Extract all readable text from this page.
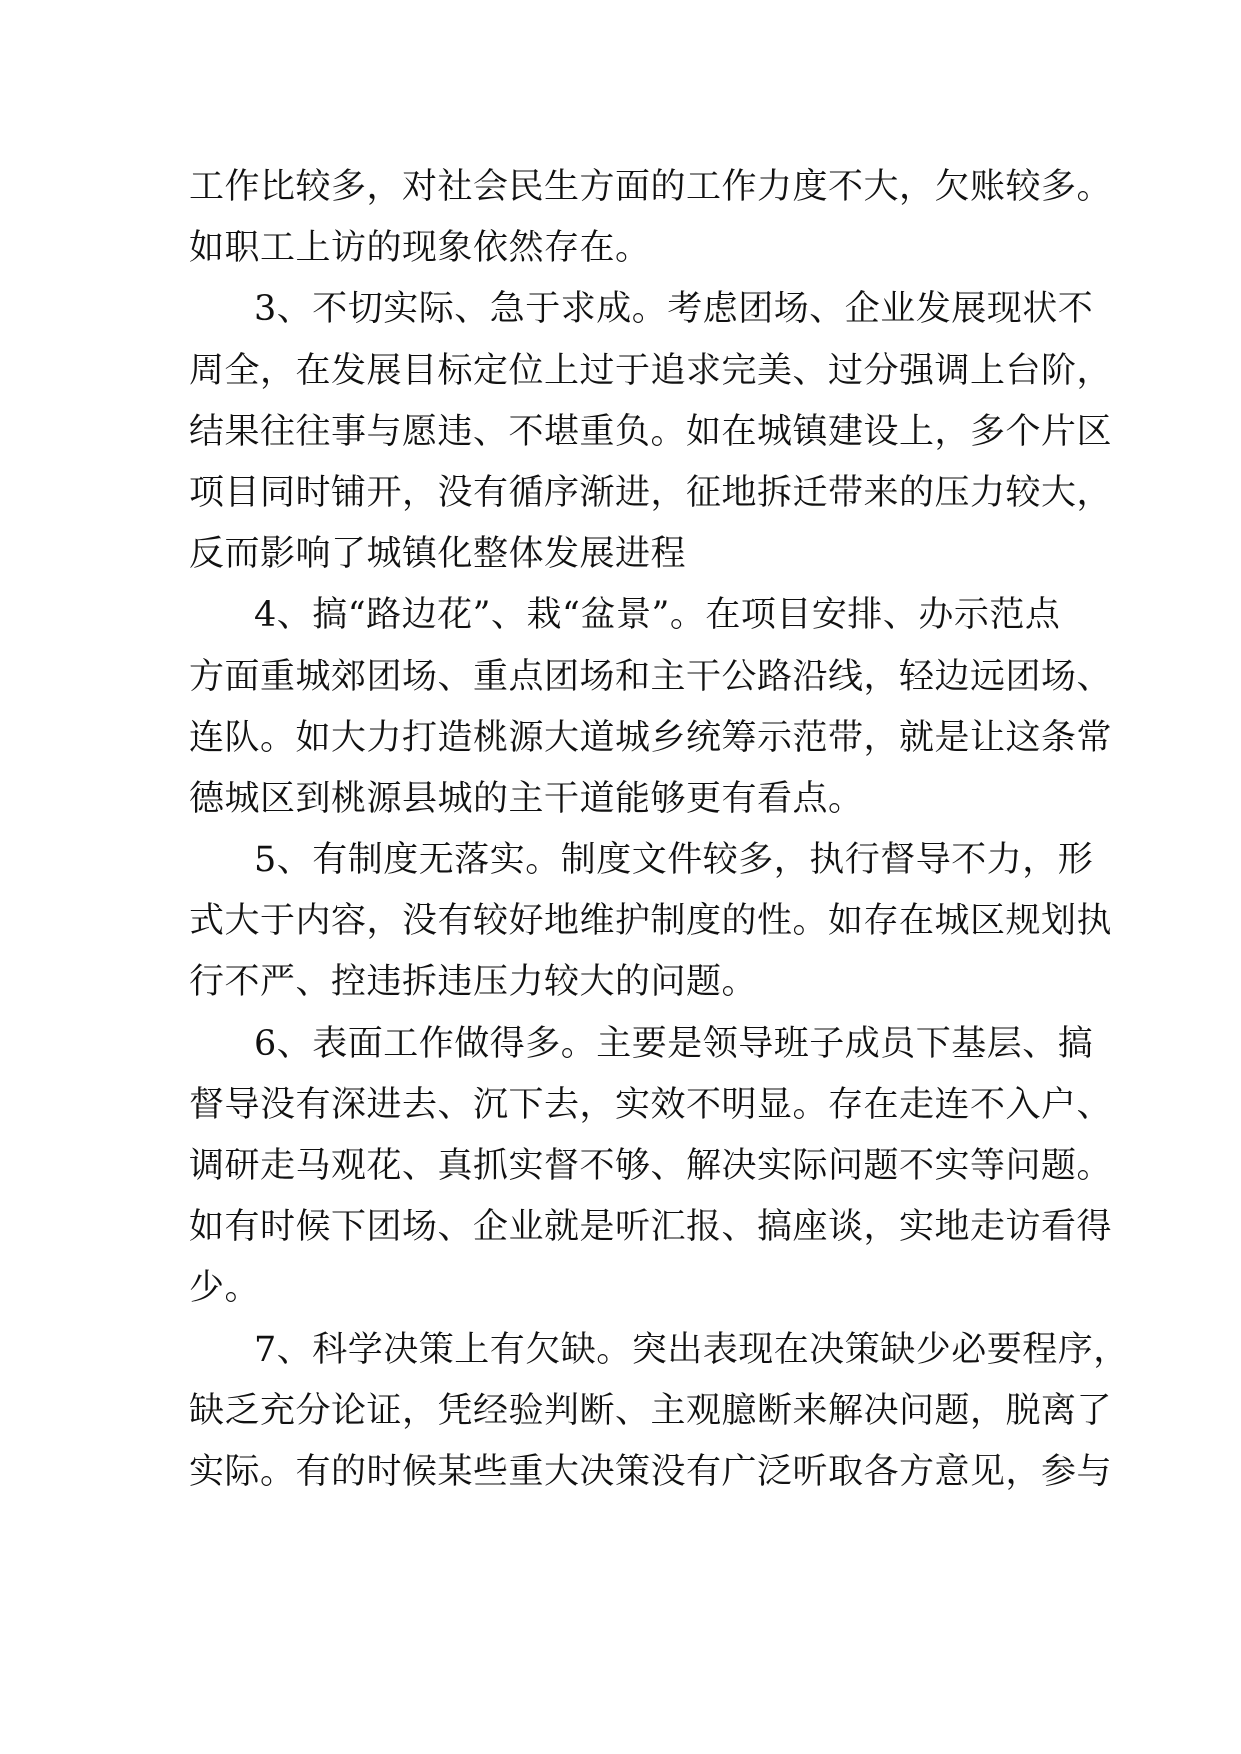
工作比较多，对社会民生方面的工作力度不大，欠账较多。
如职工上访的现象依然存在。
3、不切实际、急于求成。考虑团场、企业发展现状不
周全，在发展目标定位上过于追求完美、过分强调上台阶，
结果往往事与愿违、不堪重负。如在城镇建设上，多个片区
项目同时铺开，没有循序渐进，征地拆迁带来的压力较大，
反而影响了城镇化整体发展进程
4、搞“路边花”、栽“盆景”。在项目安排、办示范点
方面重城郊团场、重点团场和主干公路沿线，轻边远团场、
连队。如大力打造桃源大道城乡统筹示范带，就是让这条常
德城区到桃源县城的主干道能够更有看点。
5、有制度无落实。制度文件较多，执行督导不力，形
式大于内容，没有较好地维护制度的性。如存在城区规划执
行不严、控违拆违压力较大的问题。
6、表面工作做得多。主要是领导班子成员下基层、搞
督导没有深进去、沉下去，实效不明显。存在走连不入户、
调研走马观花、真抓实督不够、解决实际问题不实等问题。
如有时候下团场、企业就是听汇报、搞座谈，实地走访看得
少。
7、科学决策上有欠缺。突出表现在决策缺少必要程序，
缺乏充分论证，凭经验判断、主观臆断来解决问题，脱离了
实际。有的时候某些重大决策没有广泛听取各方意见，参与
